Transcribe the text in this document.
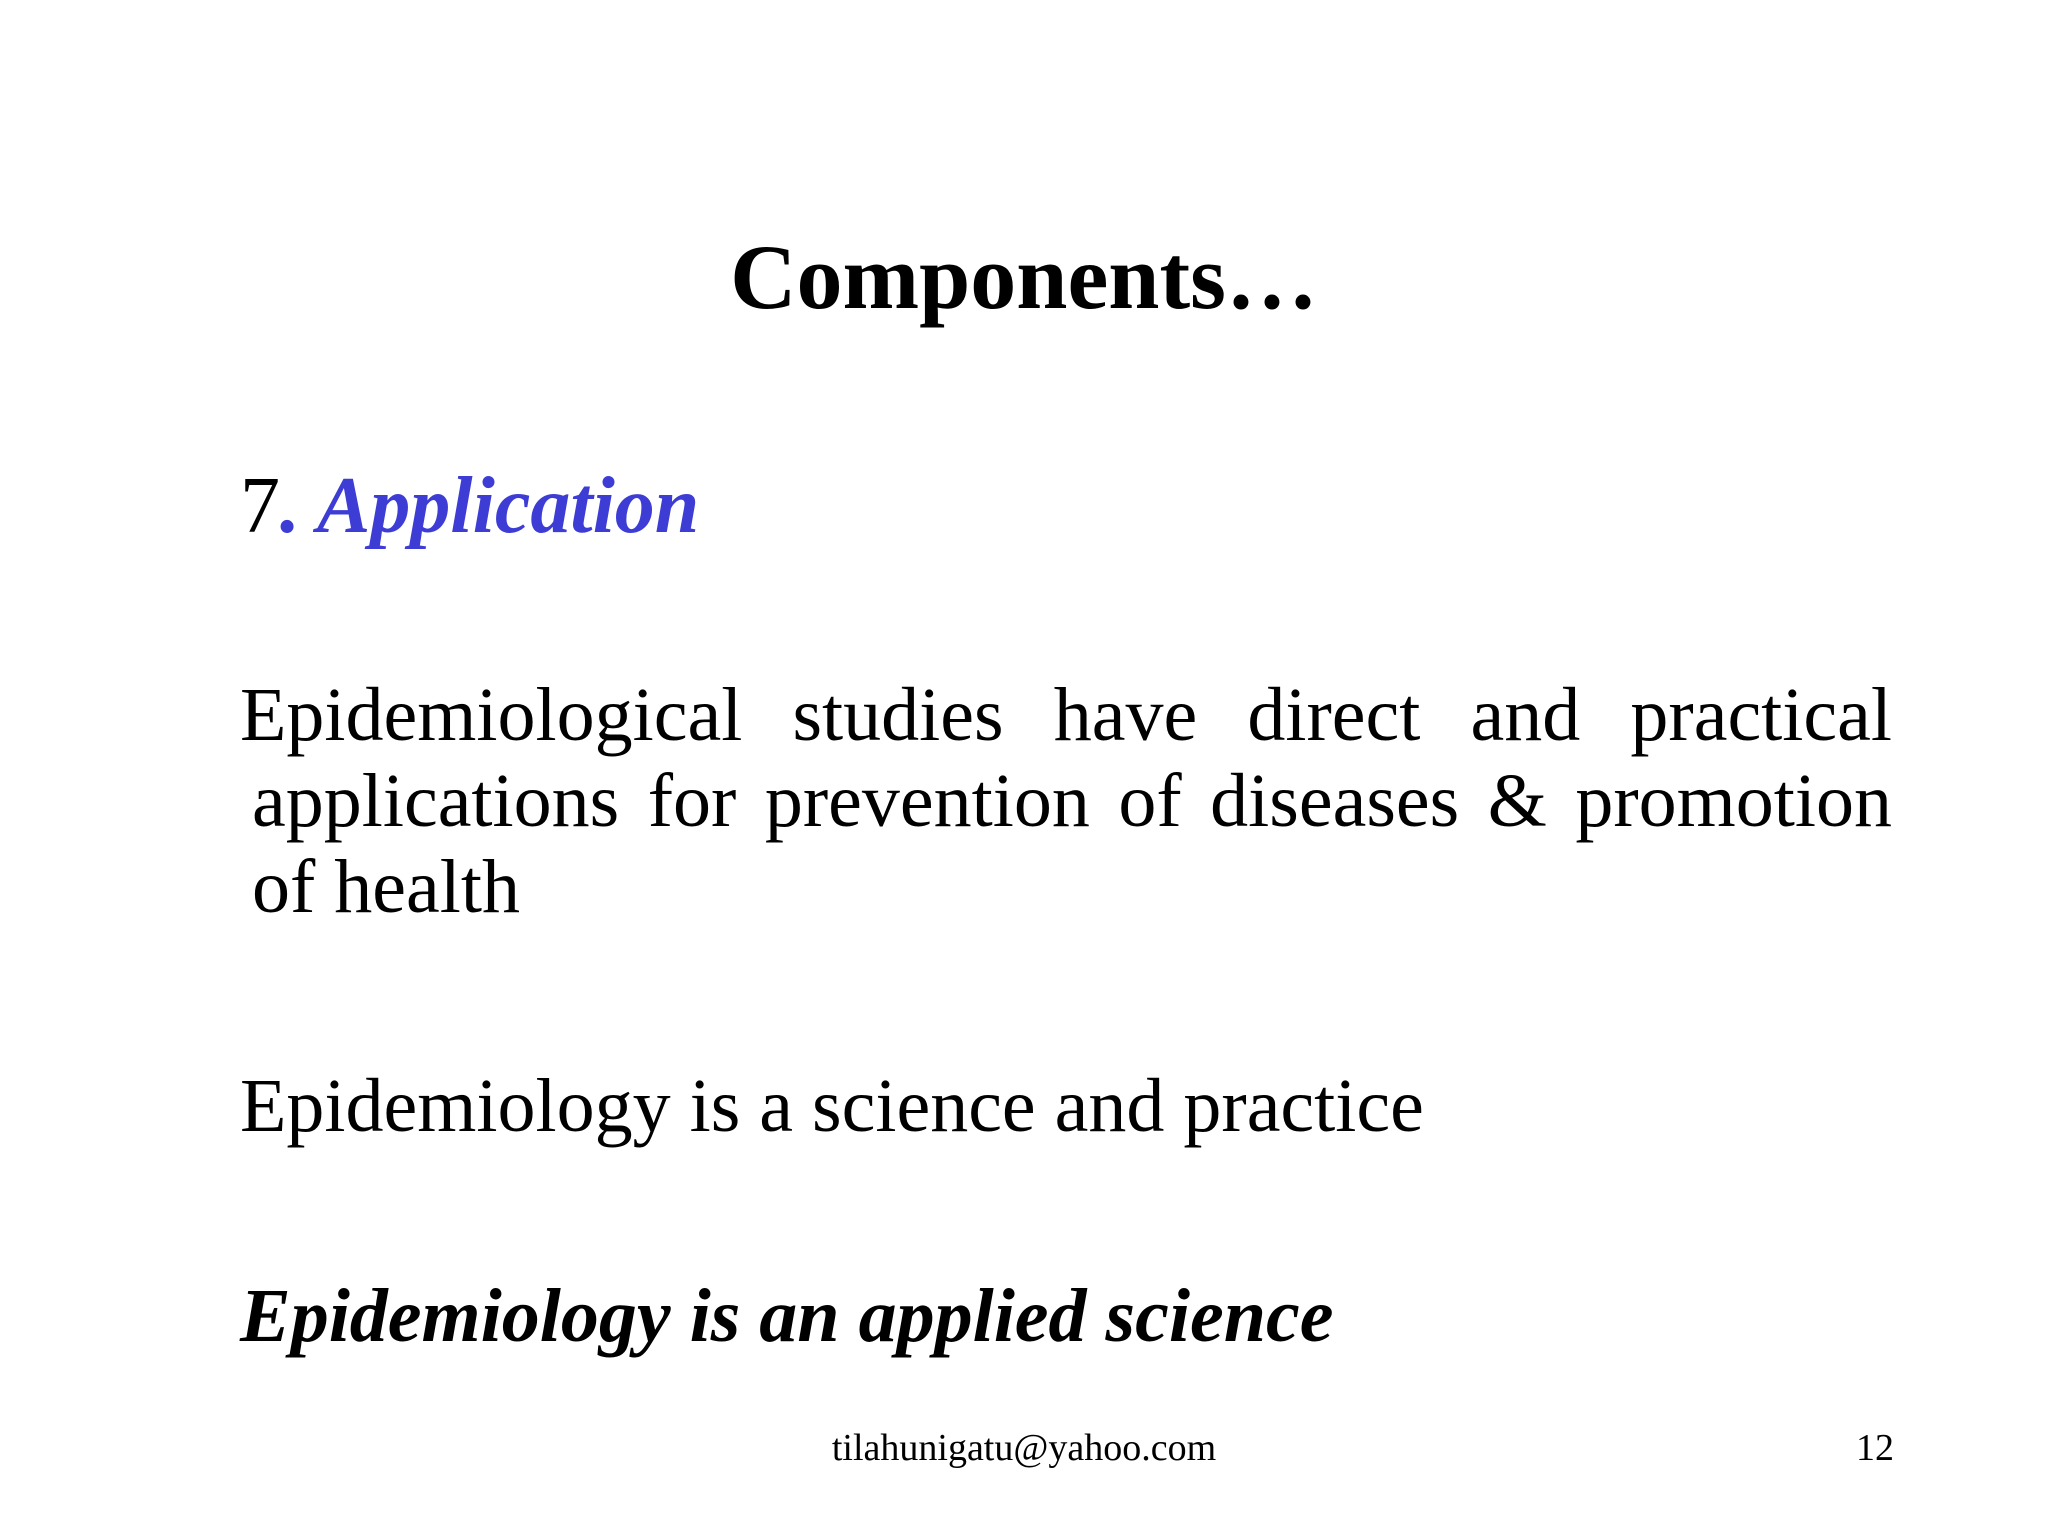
Components…

7. Application

Epidemiological studies have direct and practical
applications for prevention of diseases & promotion of health

Epidemiology is a science and practice

Epidemiology is an applied science

tilahunigatu@yahoo.com	12
